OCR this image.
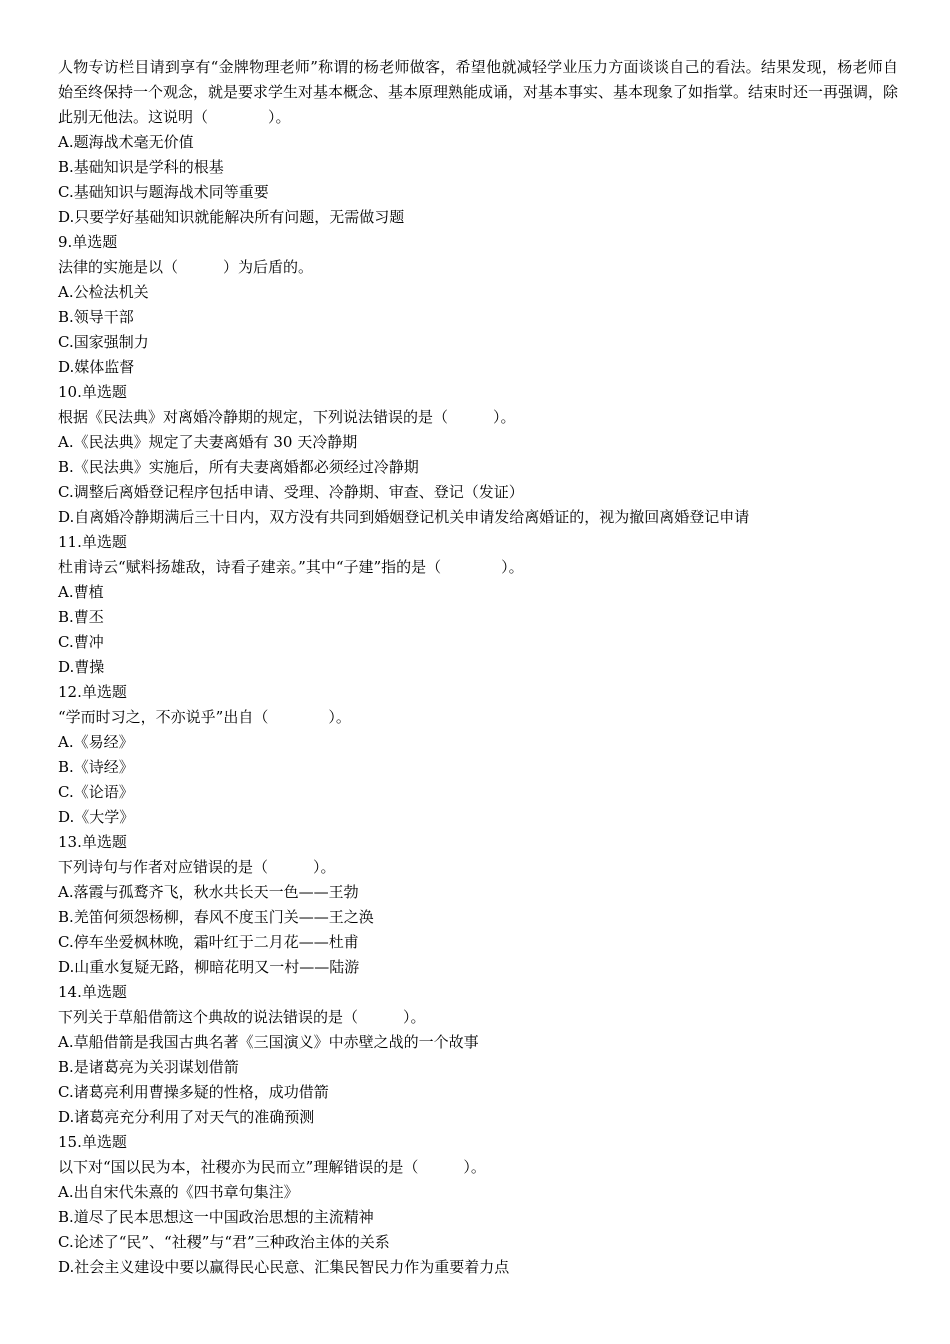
人物专访栏目请到享有“金牌物理老师”称谓的杨老师做客，希望他就减轻学业压力方面谈谈自己的看法。结果发现，杨老师自始至终保持一个观念，就是要求学生对基本概念、基本原理熟能成诵，对基本事实、基本现象了如指掌。结束时还一再强调，除此别无他法。这说明（　　　　）。

A.题海战术毫无价值

B.基础知识是学科的根基

C.基础知识与题海战术同等重要

D.只要学好基础知识就能解决所有问题，无需做习题

9.单选题

法律的实施是以（　　　）为后盾的。

A.公检法机关

B.领导干部

C.国家强制力

D.媒体监督

10.单选题

根据《民法典》对离婚冷静期的规定，下列说法错误的是（　　　）。

A.《民法典》规定了夫妻离婚有 30 天冷静期

B.《民法典》实施后，所有夫妻离婚都必须经过冷静期

C.调整后离婚登记程序包括申请、受理、冷静期、审查、登记（发证）

D.自离婚冷静期满后三十日内，双方没有共同到婚姻登记机关申请发给离婚证的，视为撤回离婚登记申请

11.单选题

杜甫诗云“赋料扬雄敌，诗看子建亲。”其中“子建”指的是（　　　　）。

A.曹植

B.曹丕

C.曹冲

D.曹操

12.单选题

“学而时习之，不亦说乎”出自（　　　　）。

A.《易经》

B.《诗经》

C.《论语》

D.《大学》

13.单选题

下列诗句与作者对应错误的是（　　　）。

A.落霞与孤鹜齐飞，秋水共长天一色——王勃

B.羌笛何须怨杨柳，春风不度玉门关——王之涣

C.停车坐爱枫林晚，霜叶红于二月花——杜甫

D.山重水复疑无路，柳暗花明又一村——陆游

14.单选题

下列关于草船借箭这个典故的说法错误的是（　　　）。

A.草船借箭是我国古典名著《三国演义》中赤壁之战的一个故事

B.是诸葛亮为关羽谋划借箭

C.诸葛亮利用曹操多疑的性格，成功借箭

D.诸葛亮充分利用了对天气的准确预测

15.单选题

以下对“国以民为本，社稷亦为民而立”理解错误的是（　　　）。

A.出自宋代朱熹的《四书章句集注》

B.道尽了民本思想这一中国政治思想的主流精神

C.论述了“民”、“社稷”与“君”三种政治主体的关系

D.社会主义建设中要以赢得民心民意、汇集民智民力作为重要着力点
